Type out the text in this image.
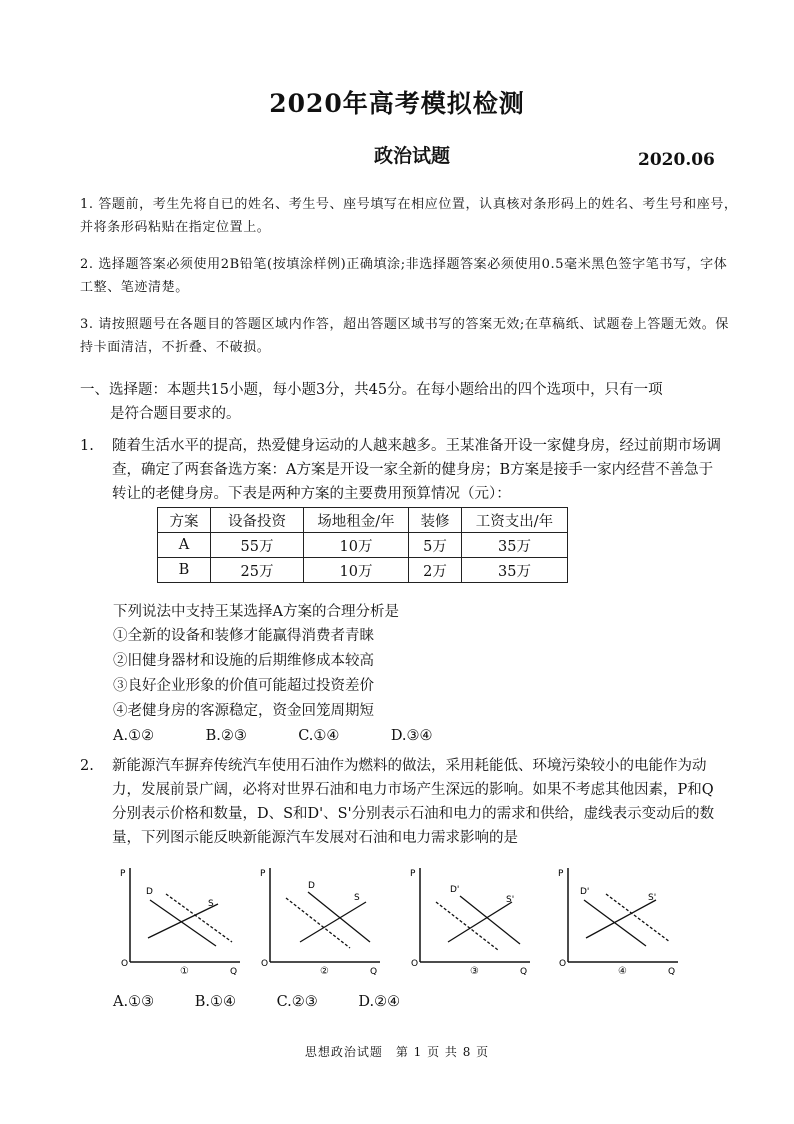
2020年高考模拟检测
政治试题	2020.06
1. 答题前，考生先将自已的姓名、考生号、座号填写在相应位置，认真核对条形码上的姓名、考生号和座号，并将条形码粘贴在指定位置上。
2. 选择题答案必须使用2B铅笔(按填涂样例)正确填涂;非选择题答案必须使用0.5毫米黑色签字笔书写，字体工整、笔迹清楚。
3. 请按照题号在各题目的答题区域内作答，超出答题区域书写的答案无效;在草稿纸、试题卷上答题无效。保持卡面清洁，不折叠、不破损。
一、选择题：本题共15小题，每小题3分，共45分。在每小题给出的四个选项中，只有一项
是符合题目要求的。
1.	随着生活水平的提高，热爱健身运动的人越来越多。王某准备开设一家健身房，经过前期市场调查，确定了两套备选方案：A方案是开设一家全新的健身房；B方案是接手一家内经营不善急于转让的老健身房。下表是两种方案的主要费用预算情况（元）：
方案	设备投资	场地租金/年	装修	工资支出/年
A	55万	10万	5万	35万
B	25万	10万	2万	35万
下列说法中支持王某选择A方案的合理分析是
①全新的设备和装修才能赢得消费者青睐
②旧健身器材和设施的后期维修成本较高
③良好企业形象的价值可能超过投资差价
④老健身房的客源稳定，资金回笼周期短
A.①②	B.②③	C.①④	D.③④
2.	新能源汽车摒弃传统汽车使用石油作为燃料的做法，采用耗能低、环境污染较小的电能作为动力，发展前景广阔，必将对世界石油和电力市场产生深远的影响。如果不考虑其他因素，P和Q分别表示价格和数量，D、S和D'、S'分别表示石油和电力的需求和供给，虚线表示变动后的数量，下列图示能反映新能源汽车发展对石油和电力需求影响的是
P
O
Q
D
S
①
P
O
Q
D
S
②
P
O
Q
D'
S'
③
P
O
Q
D'
S'
④
A.①③	B.①④	C.②③	D.②④
思想政治试题　第 1 页 共 8 页
